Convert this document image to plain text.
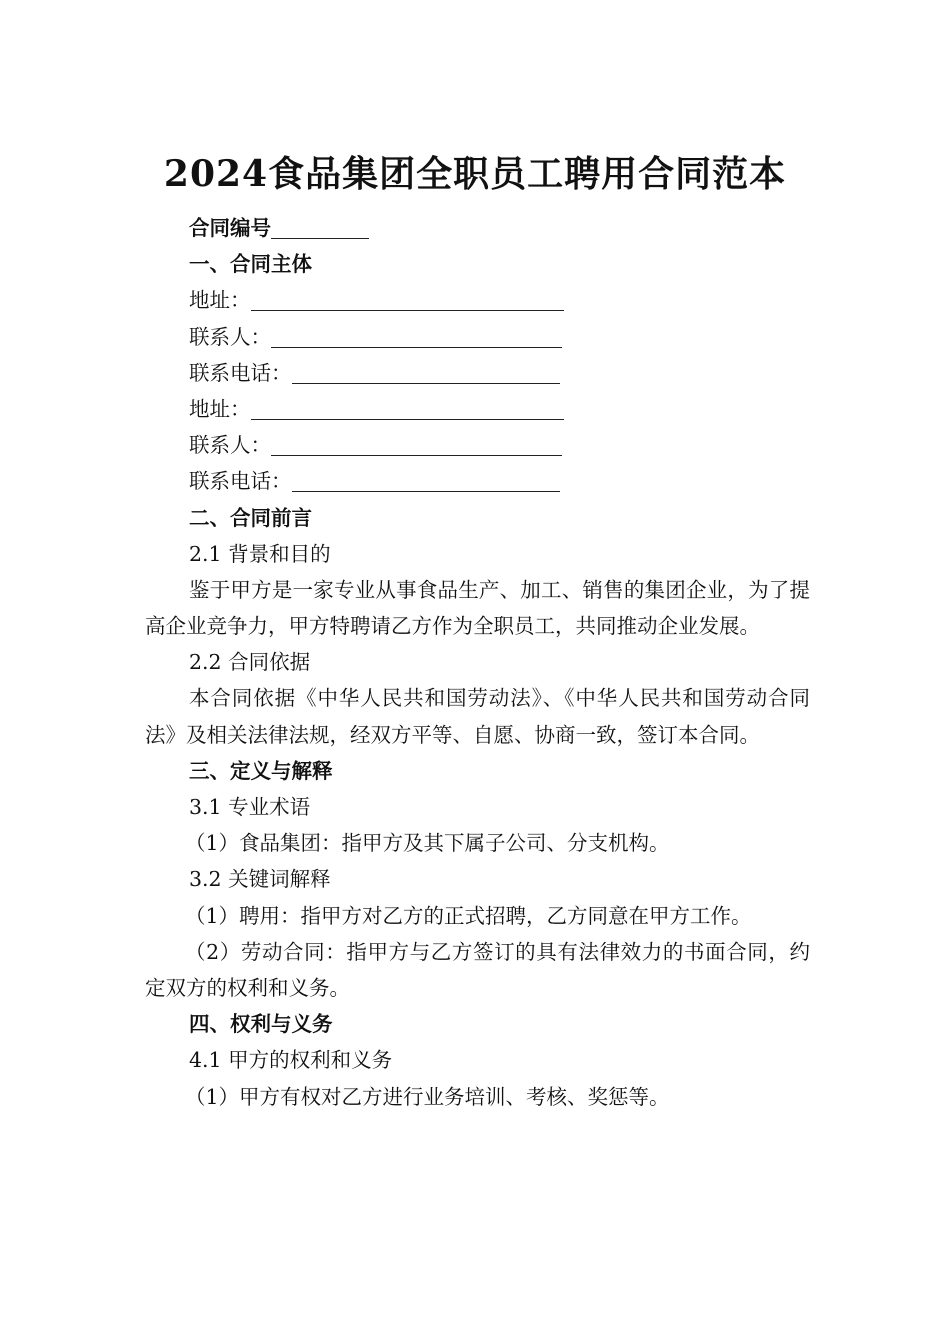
2024食品集团全职员工聘用合同范本
合同编号
一、合同主体
地址：
联系人：
联系电话：
地址：
联系人：
联系电话：
二、合同前言
2.1 背景和目的
鉴于甲方是一家专业从事食品生产、加工、销售的集团企业，为了提高企业竞争力，甲方特聘请乙方作为全职员工，共同推动企业发展。
2.2 合同依据
本合同依据《中华人民共和国劳动法》、《中华人民共和国劳动合同法》及相关法律法规，经双方平等、自愿、协商一致，签订本合同。
三、定义与解释
3.1 专业术语
（1）食品集团：指甲方及其下属子公司、分支机构。
3.2 关键词解释
（1）聘用：指甲方对乙方的正式招聘，乙方同意在甲方工作。
（2）劳动合同：指甲方与乙方签订的具有法律效力的书面合同，约定双方的权利和义务。
四、权利与义务
4.1 甲方的权利和义务
（1）甲方有权对乙方进行业务培训、考核、奖惩等。
